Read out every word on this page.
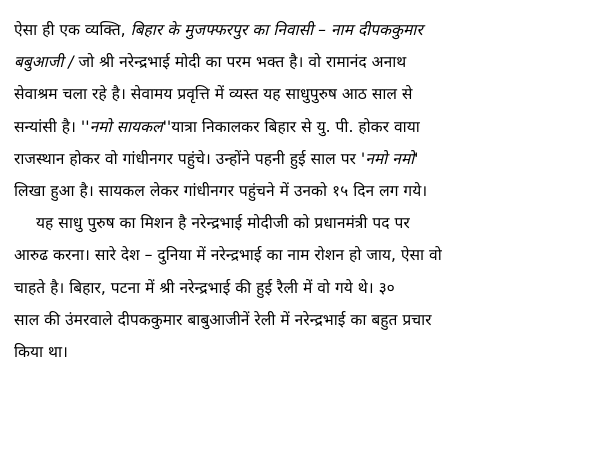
ऐसा ही एक व्यक्ति, बिहार के मुजफ्फरपुर का निवासी – नाम दीपककुमार
बबुआजी / जो श्री नरेन्द्रभाई मोदी का परम भक्त है। वो रामानंद अनाथ
सेवाश्रम चला रहे है। सेवामय प्रवृत्ति में व्यस्त यह साधुपुरुष आठ साल से
सन्यांसी है। ''नमो सायकल''यात्रा निकालकर बिहार से यु. पी. होकर वाया
राजस्थान होकर वो गांधीनगर पहुंचे। उन्होंने पहनी हुई साल पर 'नमो नमो'
लिखा हुआ है। सायकल लेकर गांधीनगर पहुंचने में उनको १५ दिन लग गये।
यह साधु पुरुष का मिशन है नरेन्द्रभाई मोदीजी को प्रधानमंत्री पद पर
आरुढ करना। सारे देश – दुनिया में नरेन्द्रभाई का नाम रोशन हो जाय, ऐसा वो
चाहते है। बिहार, पटना में श्री नरेन्द्रभाई की हुई रैली में वो गये थे। ३०
साल की उंमरवाले दीपककुमार बाबुआजीनें रेली में नरेन्द्रभाई का बहुत प्रचार
किया था।
